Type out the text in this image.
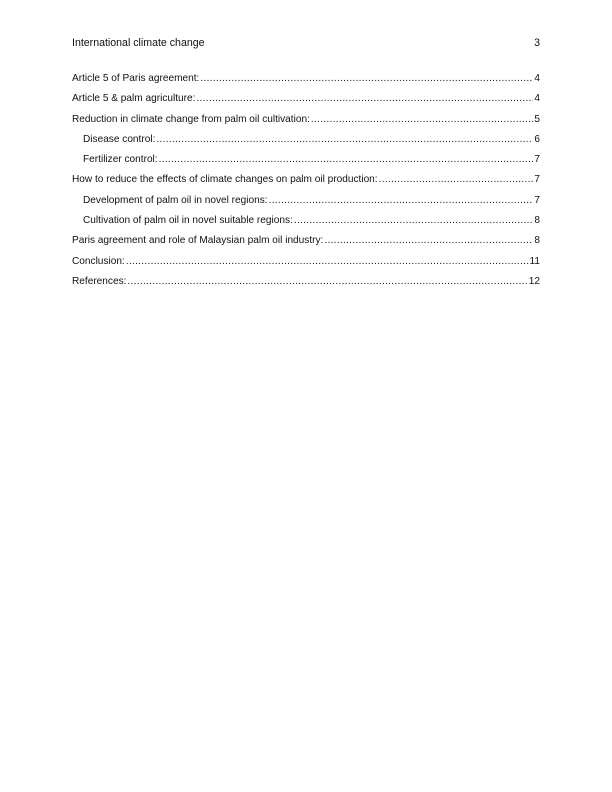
International climate change	3
Article 5 of Paris agreement: .....	4
Article 5 & palm agriculture: .....	4
Reduction in climate change from palm oil cultivation: .....	5
Disease control: .....	6
Fertilizer control: .....	7
How to reduce the effects of climate changes on palm oil production: .....	7
Development of palm oil in novel regions: .....	7
Cultivation of palm oil in novel suitable regions: .....	8
Paris agreement and role of Malaysian palm oil industry: .....	8
Conclusion: .....	11
References: .....	12
